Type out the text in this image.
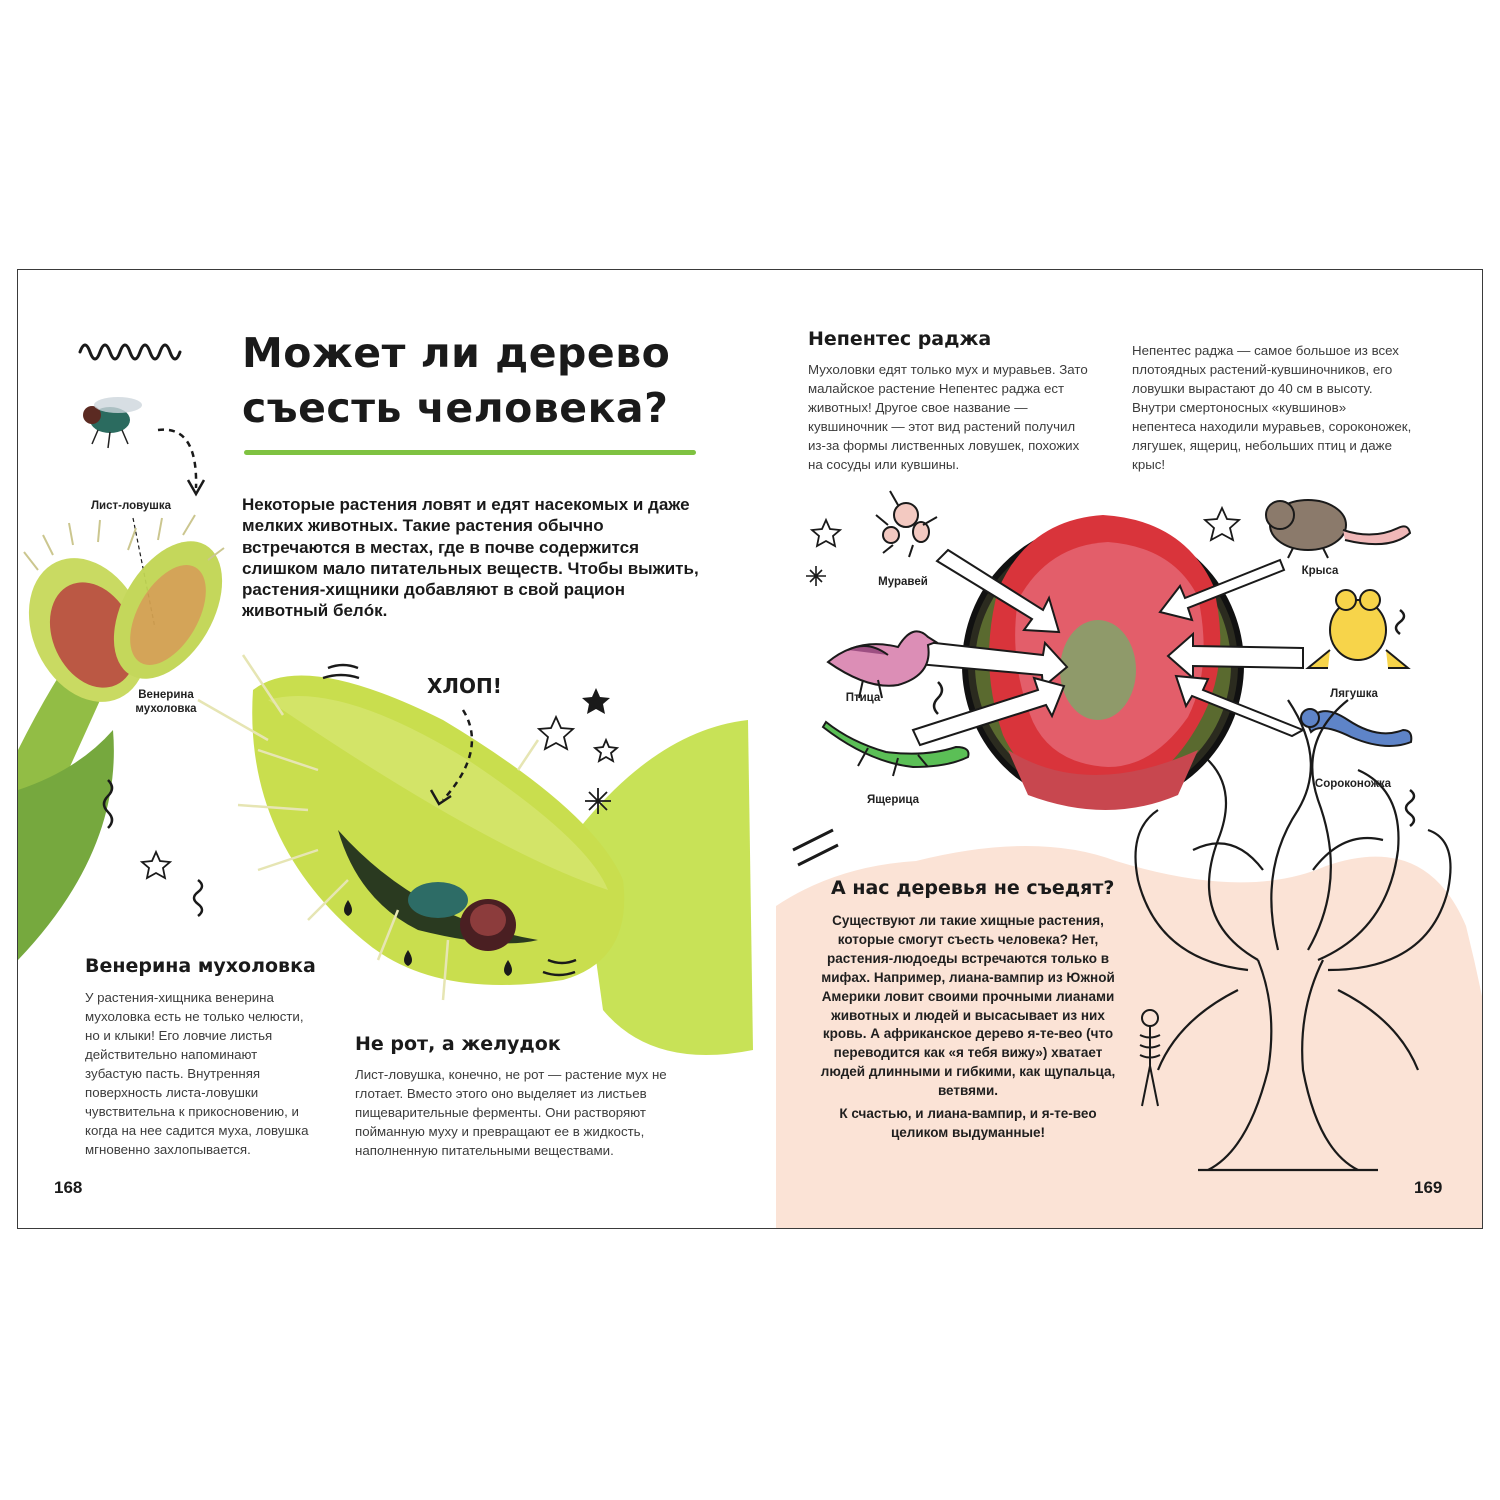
Может ли дерево съесть человека?
Некоторые растения ловят и едят насекомых и даже мелких животных. Такие растения обычно встречаются в местах, где в почве содержится слишком мало питательных веществ. Чтобы выжить, растения-хищники добавляют в свой рацион животный белóк.
Лист-ловушка
Венерина мухоловка
ХЛОП!
Венерина мухоловка
У растения-хищника венерина мухоловка есть не только челюсти, но и клыки! Его ловчие листья действительно напоминают зубастую пасть. Внутренняя поверхность листа-ловушки чувствительна к прикосновению, и когда на нее садится муха, ловушка мгновенно захлопывается.
Не рот, а желудок
Лист-ловушка, конечно, не рот — растение мух не глотает. Вместо этого оно выделяет из листьев пищеварительные ферменты. Они растворяют пойманную муху и превращают ее в жидкость, наполненную питательными веществами.
168
Непентес раджа
Мухоловки едят только мух и муравьев. Зато малайское растение Непентес раджа ест животных! Другое свое название — кувшиночник — этот вид растений получил из-за формы лиственных ловушек, похожих на сосуды или кувшины.
Непентес раджа — самое большое из всех плотоядных растений-кувшиночников, его ловушки вырастают до 40 см в высоту. Внутри смертоносных «кувшинов» непентеса находили муравьев, сороконожек, лягушек, ящериц, небольших птиц и даже крыс!
Муравей
Птица
Ящерица
Крыса
Лягушка
Сороконожка
А нас деревья не съедят?

Существуют ли такие хищные растения, которые смогут съесть человека? Нет, растения-людоеды встречаются только в мифах. Например, лиана-вампир из Южной Америки ловит своими прочными лианами животных и людей и высасывает из них кровь. А африканское дерево я-те-вео (что переводится как «я тебя вижу») хватает людей длинными и гибкими, как щупальца, ветвями.

К счастью, и лиана-вампир, и я-те-вео целиком выдуманные!

169
